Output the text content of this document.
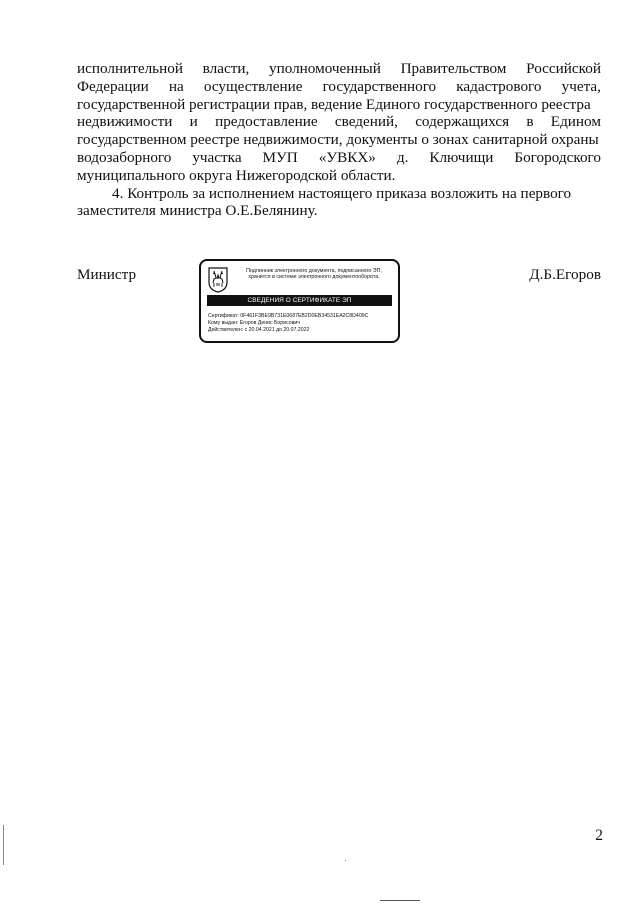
исполнительной власти, уполномоченный Правительством Российской
Федерации на осуществление государственного кадастрового учета,
государственной регистрации прав, ведение Единого государственного реестра
недвижимости и предоставление сведений, содержащихся в Едином
государственном реестре недвижимости, документы о зонах санитарной охраны
водозаборного участка МУП «УВКХ» д. Ключищи Богородского
муниципального округа Нижегородской области.
4. Контроль за исполнением настоящего приказа возложить на первого
заместителя министра О.Е.Белянину.
Министр	Д.Б.Егоров
Подлинник электронного документа, подписанного ЭП,
хранится в системе электронного документооборота.
СВЕДЕНИЯ О СЕРТИФИКАТЕ ЭП
Сертификат: 0F461F3BE9B731E0687EB2D0EB34531EA2C8D409C
Кому выдан: Егоров Денис Борисович
Действителен: с 20.04.2021 до 20.07.2022
2
